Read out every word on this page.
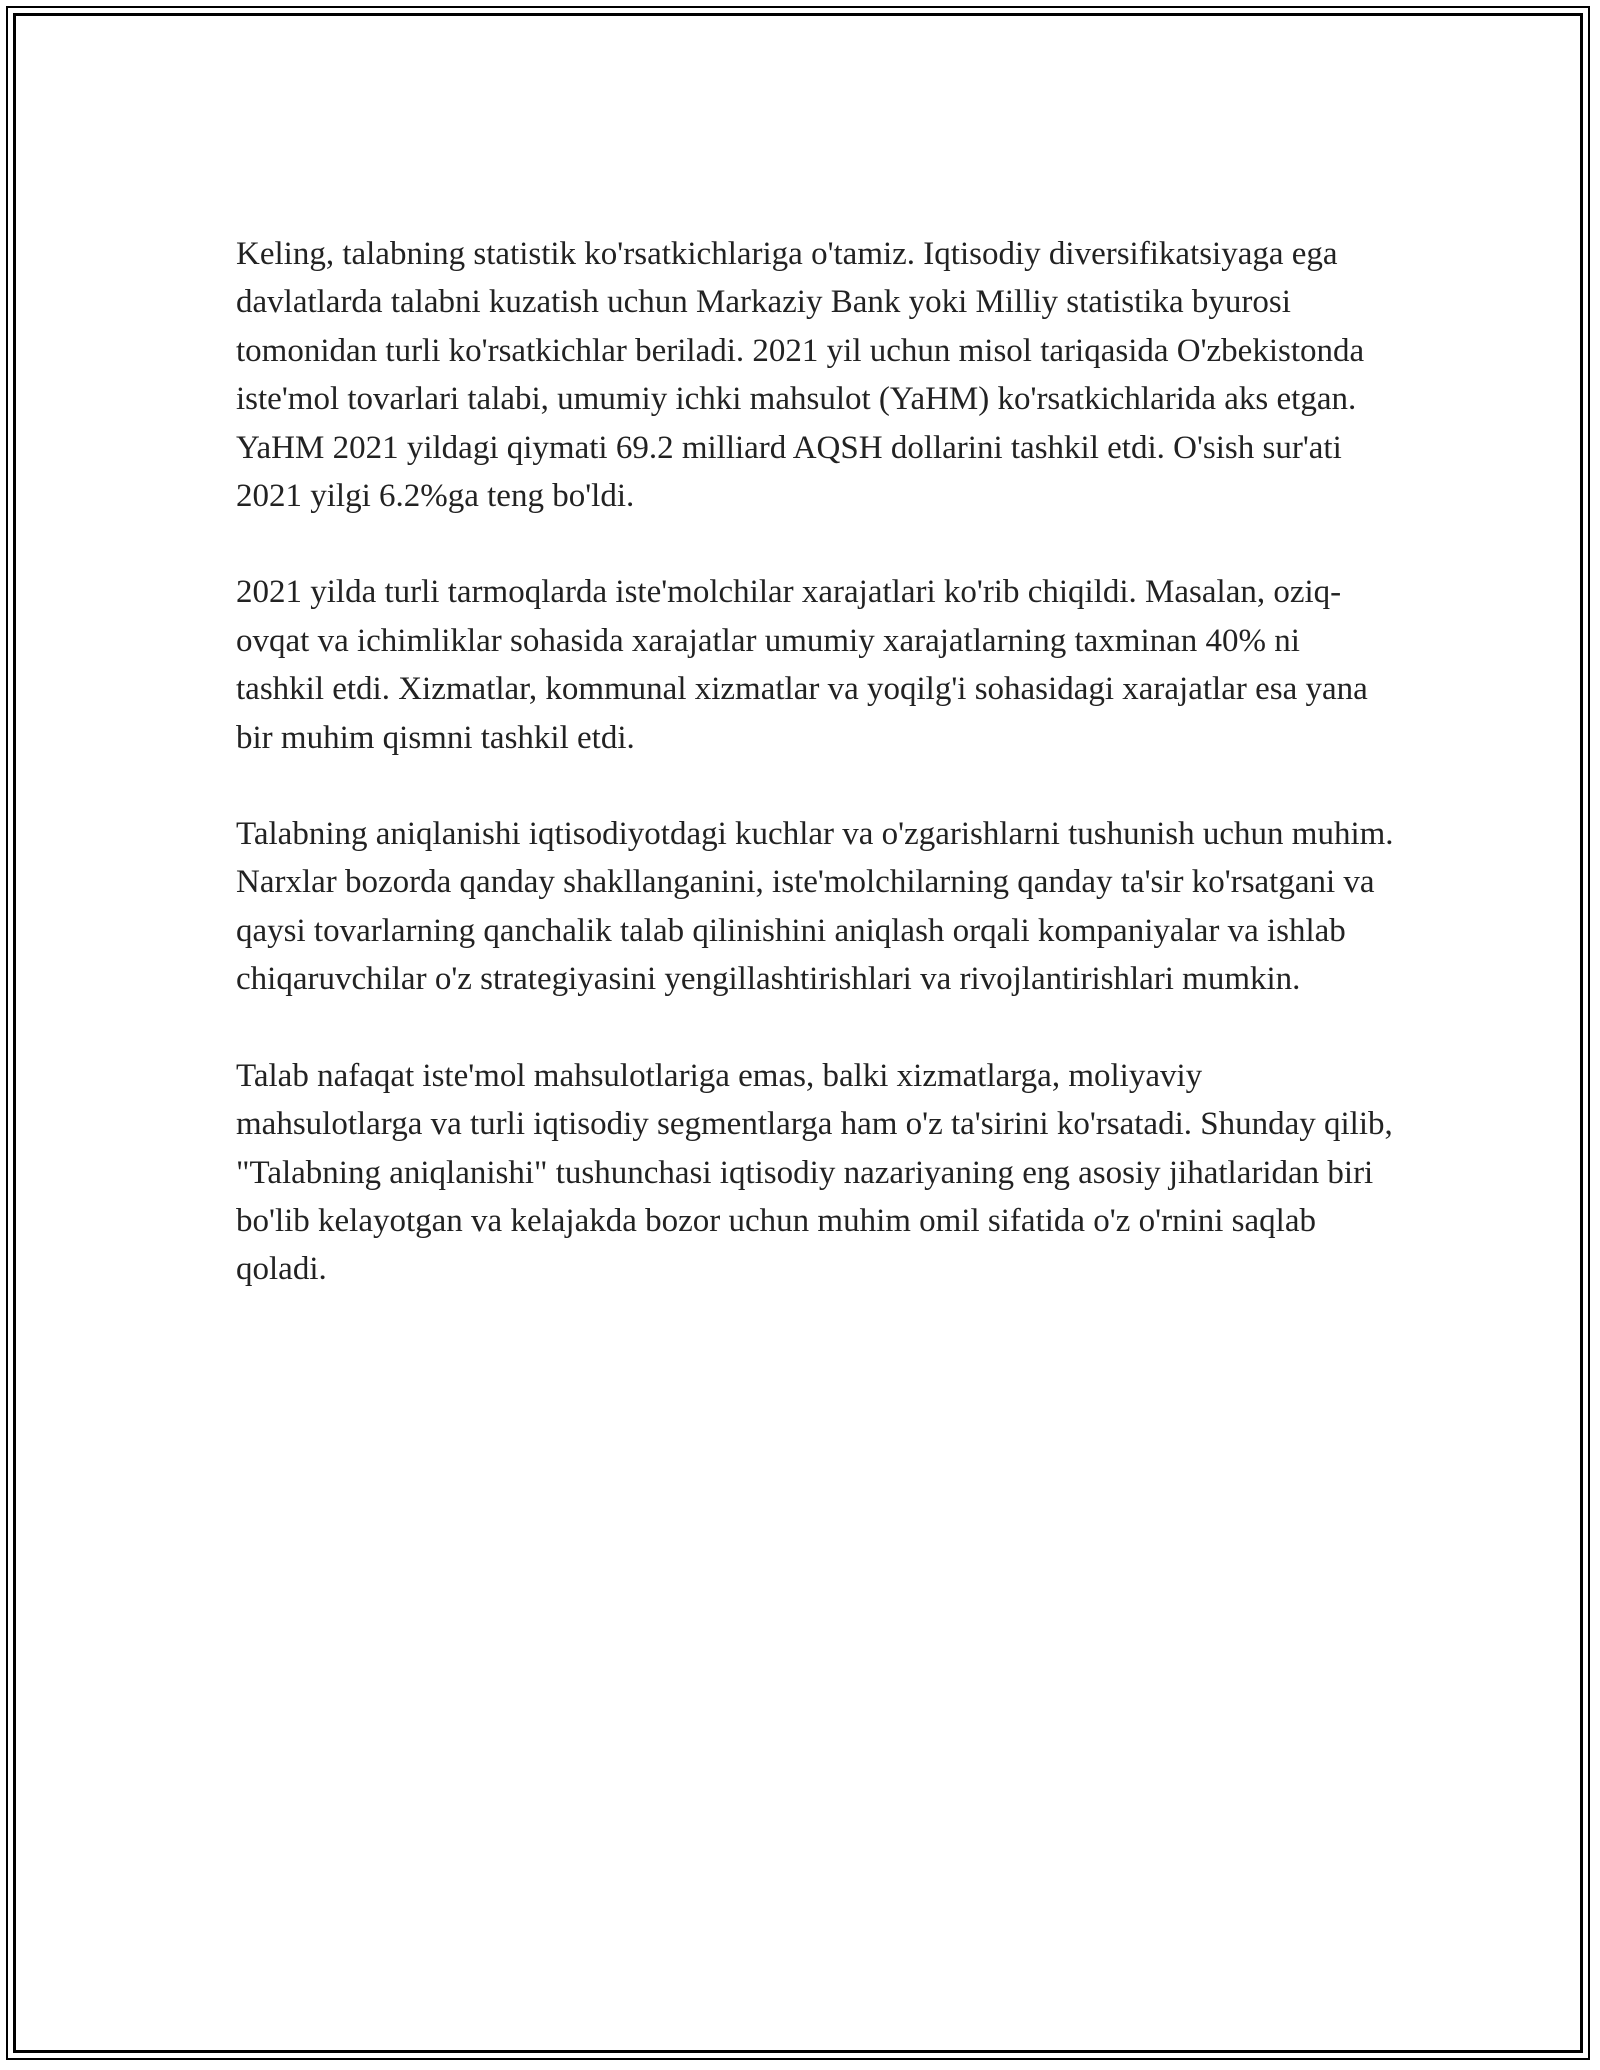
Keling, talabning statistik ko'rsatkichlariga o'tamiz. Iqtisodiy diversifikatsiyaga ega davlatlarda talabni kuzatish uchun Markaziy Bank yoki Milliy statistika byurosi tomonidan turli ko'rsatkichlar beriladi. 2021 yil uchun misol tariqasida O'zbekistonda iste'mol tovarlari talabi, umumiy ichki mahsulot (YaHM) ko'rsatkichlarida aks etgan. YaHM 2021 yildagi qiymati 69.2 milliard AQSH dollarini tashkil etdi. O'sish sur'ati 2021 yilgi 6.2%ga teng bo'ldi.

2021 yilda turli tarmoqlarda iste'molchilar xarajatlari ko'rib chiqildi. Masalan, oziq-ovqat va ichimliklar sohasida xarajatlar umumiy xarajatlarning taxminan 40% ni tashkil etdi. Xizmatlar, kommunal xizmatlar va yoqilg'i sohasidagi xarajatlar esa yana bir muhim qismni tashkil etdi.

Talabning aniqlanishi iqtisodiyotdagi kuchlar va o'zgarishlarni tushunish uchun muhim. Narxlar bozorda qanday shakllanganini, iste'molchilarning qanday ta'sir ko'rsatgani va qaysi tovarlarning qanchalik talab qilinishini aniqlash orqali kompaniyalar va ishlab chiqaruvchilar o'z strategiyasini yengillashtirishlari va rivojlantirishlari mumkin.

Talab nafaqat iste'mol mahsulotlariga emas, balki xizmatlarga, moliyaviy mahsulotlarga va turli iqtisodiy segmentlarga ham o'z ta'sirini ko'rsatadi. Shunday qilib, "Talabning aniqlanishi" tushunchasi iqtisodiy nazariyaning eng asosiy jihatlaridan biri bo'lib kelayotgan va kelajakda bozor uchun muhim omil sifatida o'z o'rnini saqlab qoladi.
